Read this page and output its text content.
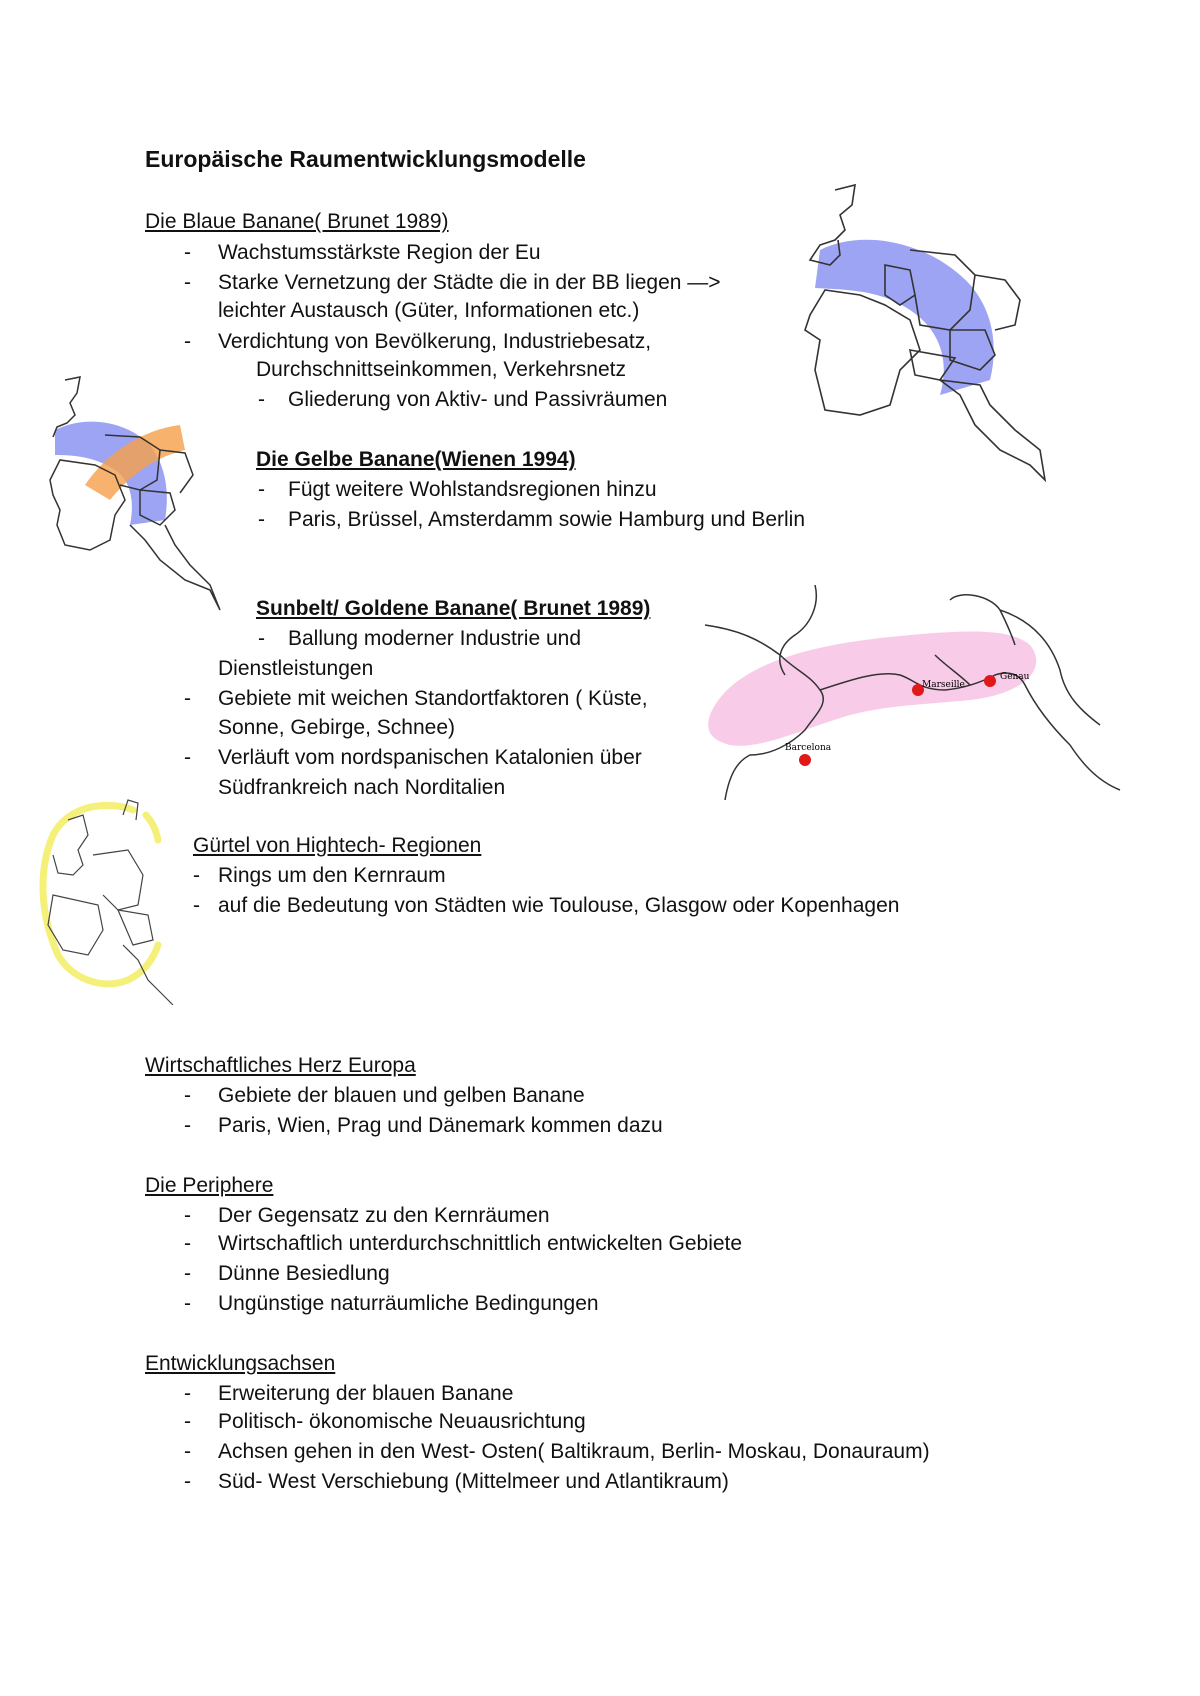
Europäische Raumentwicklungsmodelle
Die Blaue Banane( Brunet 1989)
- Wachstumsstärkste Region der Eu
- Starke Vernetzung der Städte die in der BB liegen —>
leichter Austausch (Güter, Informationen etc.)
- Verdichtung von Bevölkerung, Industriebesatz,
Durchschnittseinkommen, Verkehrsnetz
- Gliederung von Aktiv- und Passivräumen
Die Gelbe Banane(Wienen 1994)
- Fügt weitere Wohlstandsregionen hinzu
- Paris, Brüssel, Amsterdamm sowie Hamburg und Berlin
Sunbelt/ Goldene Banane( Brunet 1989)
- Ballung moderner Industrie und
Dienstleistungen
- Gebiete mit weichen Standortfaktoren ( Küste,
Sonne, Gebirge, Schnee)
- Verläuft vom nordspanischen Katalonien über
Südfrankreich nach Norditalien
Gürtel von Hightech- Regionen
- Rings um den Kernraum
- auf die Bedeutung von Städten wie Toulouse, Glasgow oder Kopenhagen
Wirtschaftliches Herz Europa
- Gebiete der blauen und gelben Banane
- Paris, Wien, Prag und Dänemark kommen dazu
Die Periphere
- Der Gegensatz zu den Kernräumen
- Wirtschaftlich unterdurchschnittlich entwickelten Gebiete
- Dünne Besiedlung
- Ungünstige naturräumliche Bedingungen
Entwicklungsachsen
- Erweiterung der blauen Banane
- Politisch- ökonomische Neuausrichtung
- Achsen gehen in den West- Osten( Baltikraum, Berlin- Moskau, Donauraum)
- Süd- West Verschiebung (Mittelmeer und Atlantikraum)
Barcelona
Marseille
Genau
